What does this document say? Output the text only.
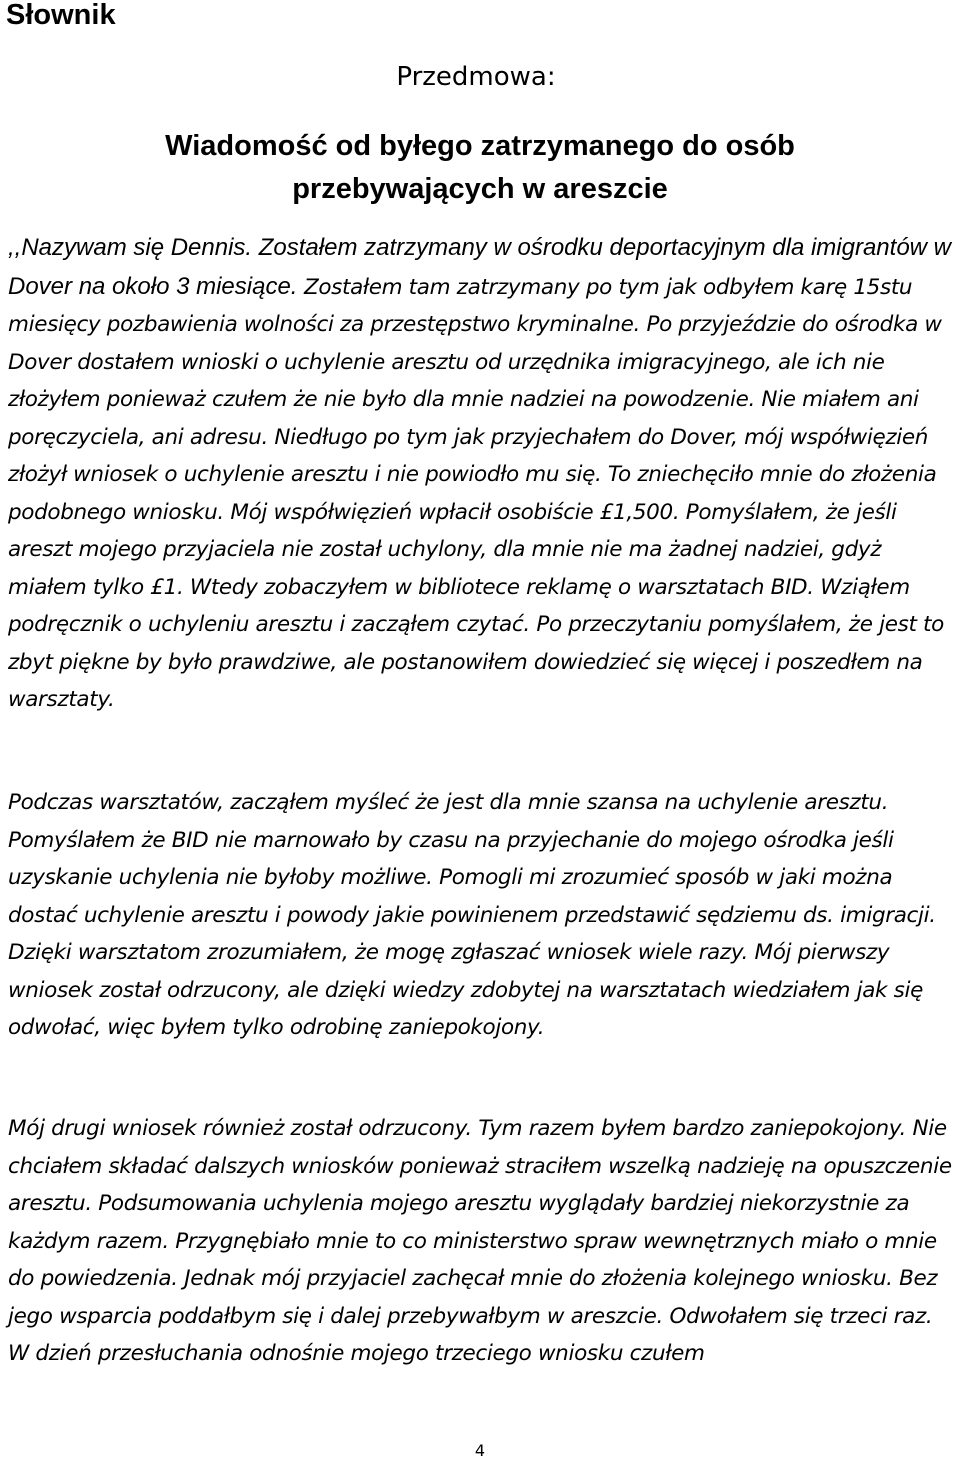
Słownik
Przedmowa:
Wiadomość od byłego zatrzymanego do osób
przebywających w areszcie

,,Nazywam się Dennis. Zostałem zatrzymany w ośrodku deportacyjnym dla imigrantów w Dover na około 3 miesiące. Zostałem tam zatrzymany po tym jak odbyłem karę 15stu miesięcy pozbawienia wolności za przestępstwo kryminalne. Po przyjeździe do ośrodka w Dover dostałem wnioski o uchylenie aresztu od urzędnika imigracyjnego, ale ich nie złożyłem ponieważ czułem że nie było dla mnie nadziei na powodzenie. Nie miałem ani poręczyciela, ani adresu. Niedługo po tym jak przyjechałem do Dover, mój współwięzień złożył wniosek o uchylenie aresztu i nie powiodło mu się. To zniechęciło mnie do złożenia podobnego wniosku. Mój współwięzień wpłacił osobiście £1,500. Pomyślałem, że jeśli areszt mojego przyjaciela nie został uchylony, dla mnie nie ma żadnej nadziei, gdyż miałem tylko £1. Wtedy zobaczyłem w bibliotece reklamę o warsztatach BID. Wziąłem podręcznik o uchyleniu aresztu i zacząłem czytać. Po przeczytaniu pomyślałem, że jest to zbyt piękne by było prawdziwe, ale postanowiłem dowiedzieć się więcej i poszedłem na warsztaty.

Podczas warsztatów, zacząłem myśleć że jest dla mnie szansa na uchylenie aresztu. Pomyślałem że BID nie marnowało by czasu na przyjechanie do mojego ośrodka jeśli uzyskanie uchylenia nie byłoby możliwe. Pomogli mi zrozumieć sposób w jaki można dostać uchylenie aresztu i powody jakie powinienem przedstawić sędziemu ds. imigracji. Dzięki warsztatom zrozumiałem, że mogę zgłaszać wniosek wiele razy. Mój pierwszy wniosek został odrzucony, ale dzięki wiedzy zdobytej na warsztatach wiedziałem jak się odwołać, więc byłem tylko odrobinę zaniepokojony.

Mój drugi wniosek również został odrzucony. Tym razem byłem bardzo zaniepokojony. Nie chciałem składać dalszych wniosków ponieważ straciłem wszelką nadzieję na opuszczenie aresztu. Podsumowania uchylenia mojego aresztu wyglądały bardziej niekorzystnie za każdym razem. Przygnębiało mnie to co ministerstwo spraw wewnętrznych miało o mnie do powiedzenia. Jednak mój przyjaciel zachęcał mnie do złożenia kolejnego wniosku. Bez jego wsparcia poddałbym się i dalej przebywałbym w areszcie. Odwołałem się trzeci raz. W dzień przesłuchania odnośnie mojego trzeciego wniosku czułem

4
